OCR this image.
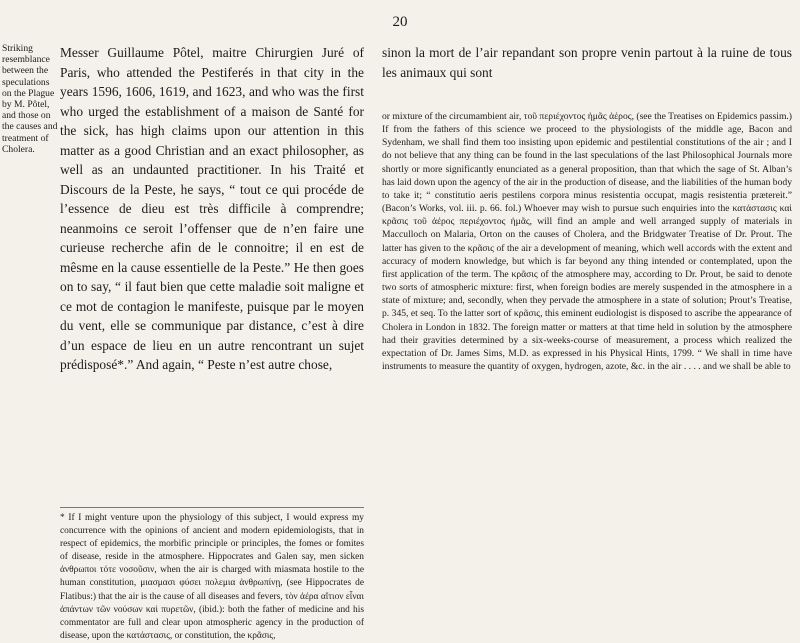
20
Striking resemblance between the speculations on the Plague by M. Pôtel, and those on the causes and treatment of Cholera.

Messer Guillaume Pôtel, maitre Chirurgien Juré of Paris, who attended the Pestiferés in that city in the years 1596, 1606, 1619, and 1623, and who was the first who urged the establishment of a maison de Santé for the sick, has high claims upon our attention in this matter as a good Christian and an exact philosopher, as well as an undaunted practitioner. In his Traité et Discours de la Peste, he says, “ tout ce qui procéde de l’essence de dieu est très difficile à comprendre; neanmoins ce seroit l’offenser que de n’en faire une curieuse recherche afin de le connoitre; il en est de mêsme en la cause essentielle de la Peste.” He then goes on to say, “ il faut bien que cette maladie soit maligne et ce mot de contagion le manifeste, puisque par le moyen du vent, elle se communique par distance, c’est à dire d’un espace de lieu en un autre rencontrant un sujet prédisposé*.” And again, “ Peste n’est autre chose,

* If I might venture upon the physiology of this subject, I would express my concurrence with the opinions of ancient and modern epidemiologists, that in respect of epidemics, the morbific principle or principles, the fomes or fomites of disease, reside in the atmosphere. Hippocrates and Galen say, men sicken ἀνθρωποι τότε νοσοῦσιν, when the air is charged with miasmata hostile to the human constitution, μιασμασι φύσει πολεμια ἀνθρωπίνῃ, (see Hippocrates de Flatibus:) that the air is the cause of all diseases and fevers, τὸν ἀέρα αἴτιον εἶναι ἁπάντων τῶν νούσων καὶ πυρετῶν, (ibid.): both the father of medicine and his commentator are full and clear upon atmospheric agency in the production of disease, upon the κατάστασις, or constitution, the κρᾶσις,

sinon la mort de l’air repandant son propre venin partout à la ruine de tous les animaux qui sont

or mixture of the circumambient air, τοῦ περιέχοντος ἡμᾶς ἀέρος, (see the Treatises on Epidemics passim.) If from the fathers of this science we proceed to the physiologists of the middle age, Bacon and Sydenham, we shall find them too insisting upon epidemic and pestilential constitutions of the air ; and I do not believe that any thing can be found in the last speculations of the last Philosophical Journals more shortly or more significantly enunciated as a general proposition, than that which the sage of St. Alban’s has laid down upon the agency of the air in the production of disease, and the liabilities of the human body to take it; “ constitutio aeris pestilens corpora minus resistentia occupat, magis resistentia prætereit.” (Bacon’s Works, vol. iii. p. 66. fol.) Whoever may wish to pursue such enquiries into the κατάστασις καὶ κρᾶσις τοῦ ἀέρος περιέχοντος ἡμᾶς, will find an ample and well arranged supply of materials in Macculloch on Malaria, Orton on the causes of Cholera, and the Bridgwater Treatise of Dr. Prout. The latter has given to the κρᾶσις of the air a development of meaning, which well accords with the extent and accuracy of modern knowledge, but which is far beyond any thing intended or contemplated, upon the first application of the term. The κρᾶσις of the atmosphere may, according to Dr. Prout, be said to denote two sorts of atmospheric mixture: first, when foreign bodies are merely suspended in the atmosphere in a state of mixture; and, secondly, when they pervade the atmosphere in a state of solution; Prout’s Treatise, p. 345, et seq. To the latter sort of κρᾶσις, this eminent eudiologist is disposed to ascribe the appearance of Cholera in London in 1832. The foreign matter or matters at that time held in solution by the atmosphere had their gravities determined by a six-weeks-course of measurement, a process which realized the expectation of Dr. James Sims, M.D. as expressed in his Physical Hints, 1799. “ We shall in time have instruments to measure the quantity of oxygen, hydrogen, azote, &c. in the air . . . . and we shall be able to
